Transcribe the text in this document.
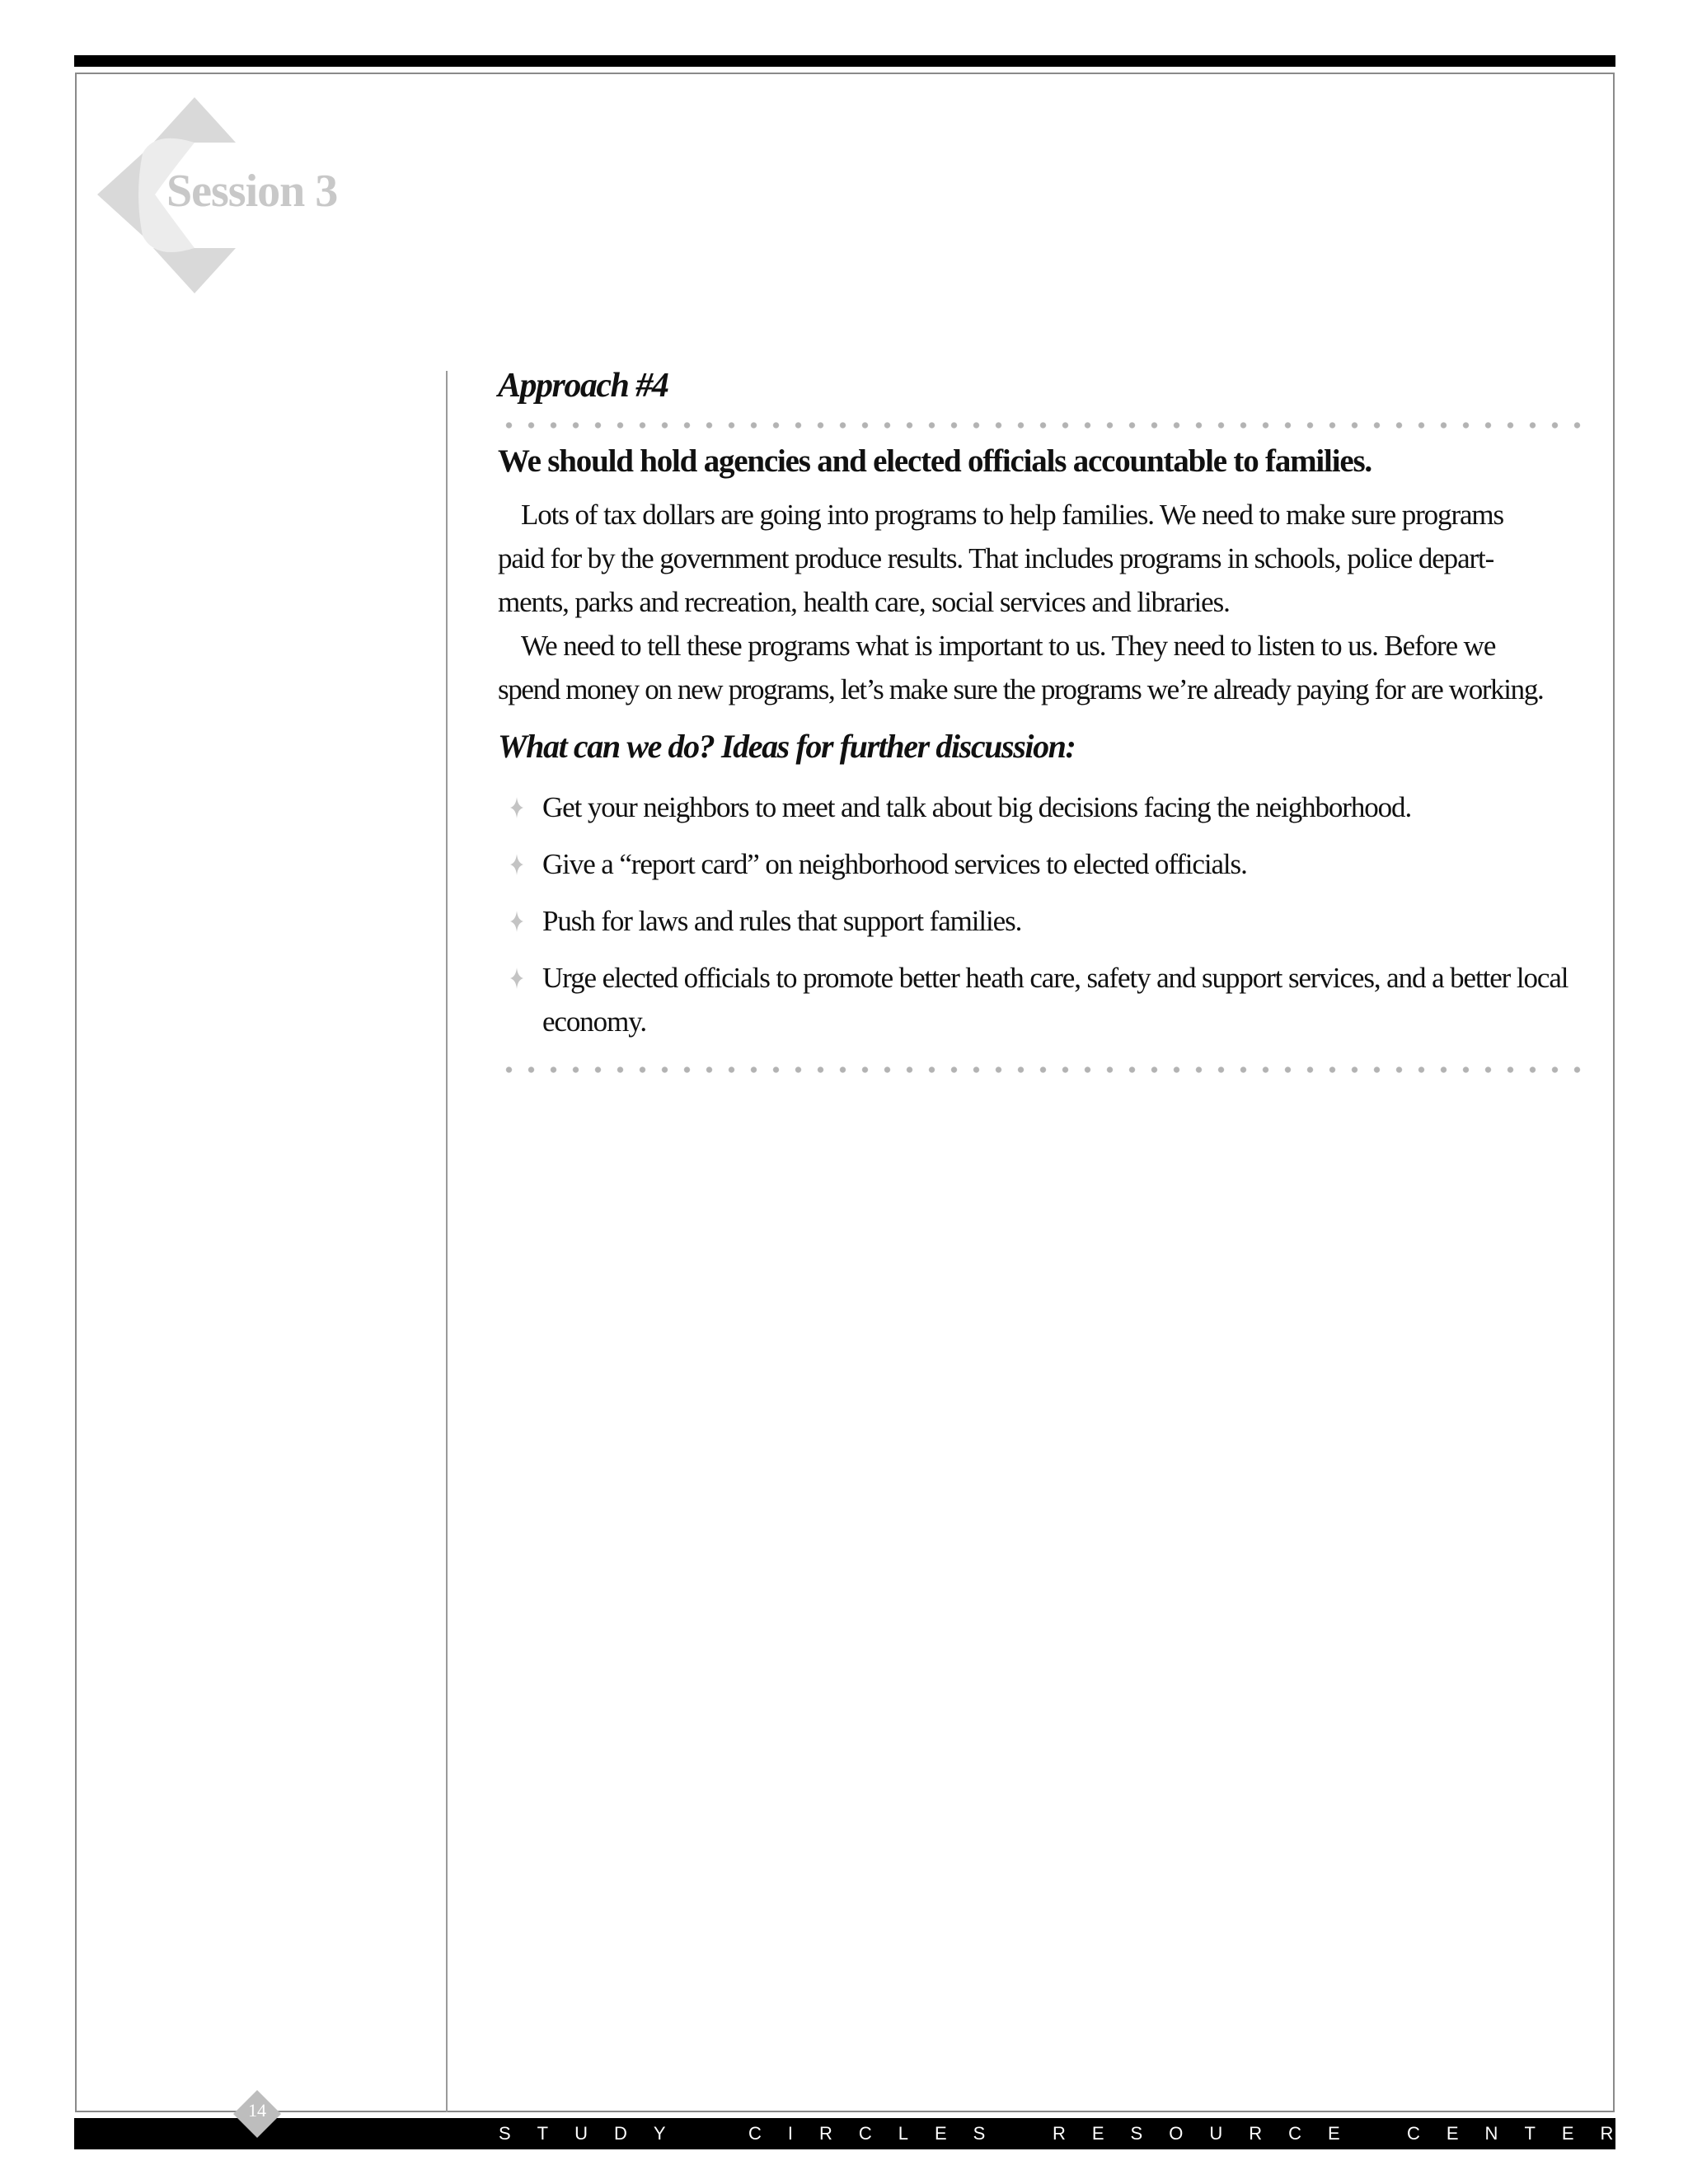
Session 3
Approach #4
We should hold agencies and elected officials accountable to families.

Lots of tax dollars are going into programs to help families. We need to make sure programs
paid for by the government produce results. That includes programs in schools, police depart-
ments, parks and recreation, health care, social services and libraries.

We need to tell these programs what is important to us. They need to listen to us. Before we
spend money on new programs, let’s make sure the programs we’re already paying for are working.

What can we do? Ideas for further discussion:
Get your neighbors to meet and talk about big decisions facing the neighborhood.
Give a “report card” on neighborhood services to elected officials.
Push for laws and rules that support families.
Urge elected officials to promote better heath care, safety and support services, and a better local economy.
STUDY	CIRCLES RESOURCE CENTER
14
